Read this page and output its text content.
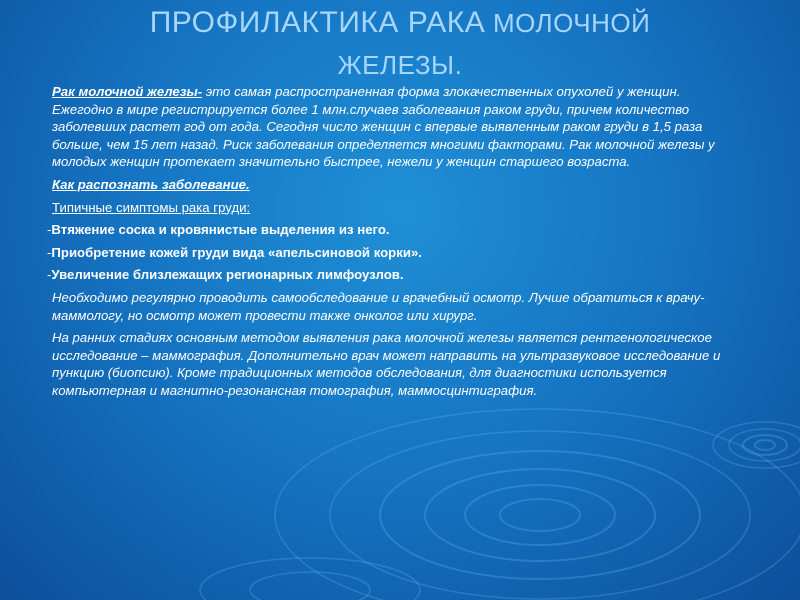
ПРОФИЛАКТИКА РАКА МОЛОЧНОЙ
ЖЕЛЕЗЫ.

Рак молочной железы- это самая распространенная форма злокачественных опухолей у женщин. Ежегодно в мире регистрируется более 1 млн.случаев заболевания раком груди, причем количество заболевших растет год от года. Сегодня число женщин с впервые выявленным раком груди в 1,5 раза больше, чем 15 лет назад. Риск заболевания определяется многими факторами. Рак молочной железы у молодых женщин протекает значительно быстрее, нежели у женщин старшего возраста.

Как распознать заболевание.

Типичные симптомы рака груди:

-Втяжение соска и кровянистые выделения из него.

-Приобретение кожей груди вида «апельсиновой корки».

-Увеличение близлежащих регионарных лимфоузлов.

Необходимо регулярно проводить самообследование и врачебный осмотр. Лучше обратиться к врачу-маммологу, но осмотр может провести также онколог или хирург.

На ранних стадиях основным методом выявления рака молочной железы является рентгенологическое исследование – маммография. Дополнительно врач может направить на ультразвуковое исследование и пункцию (биопсию). Кроме традиционных методов обследования, для диагностики используется компьютерная и магнитно-резонансная томография, маммосцинтиграфия.
